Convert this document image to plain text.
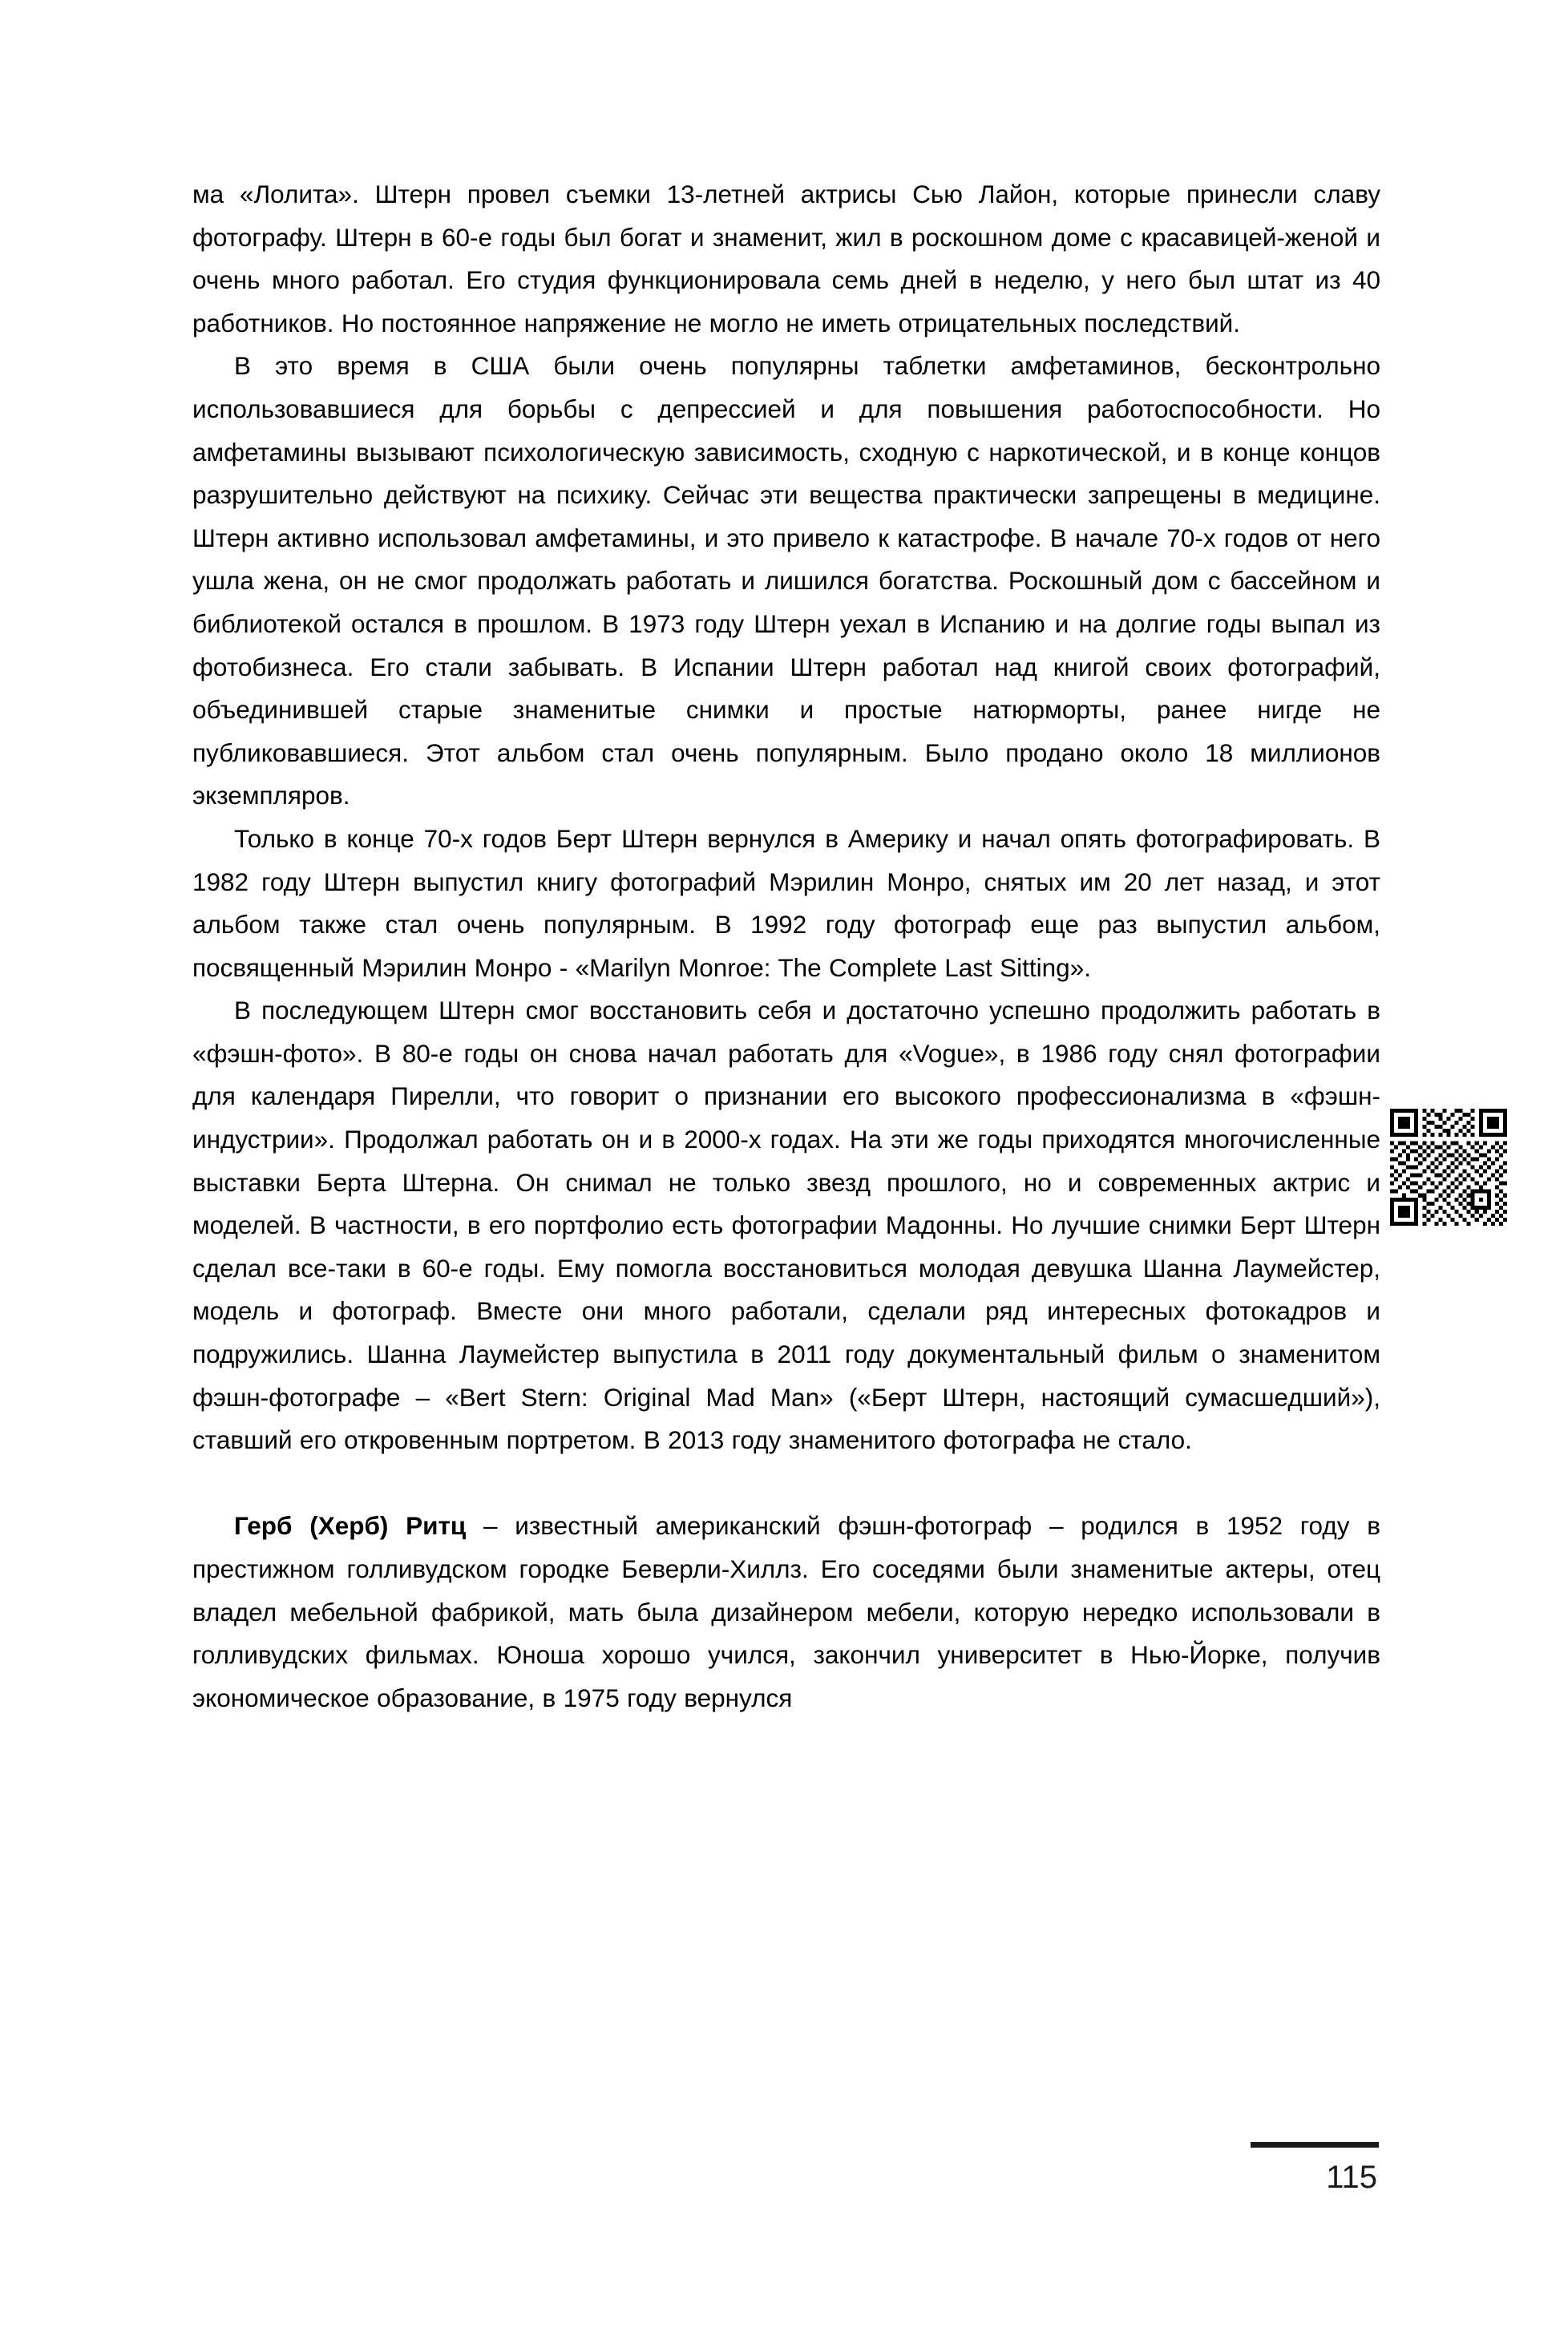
ма «Лолита». Штерн провел съемки 13-летней актрисы Сью Лайон, которые принесли славу фотографу. Штерн в 60-е годы был богат и знаменит, жил в роскошном доме с красавицей-женой и очень много работал. Его студия функционировала семь дней в неделю, у него был штат из 40 работников. Но постоянное напряжение не могло не иметь отрицательных последствий.

В это время в США были очень популярны таблетки амфетаминов, бесконтрольно использовавшиеся для борьбы с депрессией и для повышения работоспособности. Но амфетамины вызывают психологическую зависимость, сходную с наркотической, и в конце концов разрушительно действуют на психику. Сейчас эти вещества практически запрещены в медицине. Штерн активно использовал амфетамины, и это привело к катастрофе. В начале 70-х годов от него ушла жена, он не смог продолжать работать и лишился богатства. Роскошный дом с бассейном и библиотекой остался в прошлом. В 1973 году Штерн уехал в Испанию и на долгие годы выпал из фотобизнеса. Его стали забывать. В Испании Штерн работал над книгой своих фотографий, объединившей старые знаменитые снимки и простые натюрморты, ранее нигде не публиковавшиеся. Этот альбом стал очень популярным. Было продано около 18 миллионов экземпляров.

Только в конце 70-х годов Берт Штерн вернулся в Америку и начал опять фотографировать. В 1982 году Штерн выпустил книгу фотографий Мэрилин Монро, снятых им 20 лет назад, и этот альбом также стал очень популярным. В 1992 году фотограф еще раз выпустил альбом, посвященный Мэрилин Монро - «Marilyn Monroe: The Complete Last Sitting».

В последующем Штерн смог восстановить себя и достаточно успешно продолжить работать в «фэшн-фото». В 80-е годы он снова начал работать для «Vogue», в 1986 году снял фотографии для календаря Пирелли, что говорит о признании его высокого профессионализма в «фэшн-индустрии». Продолжал работать он и в 2000-х годах. На эти же годы приходятся многочисленные выставки Берта Штерна. Он снимал не только звезд прошлого, но и современных актрис и моделей. В частности, в его портфолио есть фотографии Мадонны. Но лучшие снимки Берт Штерн сделал все-таки в 60-е годы. Ему помогла восстановиться молодая девушка Шанна Лаумейстер, модель и фотограф. Вместе они много работали, сделали ряд интересных фотокадров и подружились. Шанна Лаумейстер выпустила в 2011 году документальный фильм о знаменитом фэшн-фотографе – «Bert Stern: Original Mad Man» («Берт Штерн, настоящий сумасшедший»), ставший его откровенным портретом. В 2013 году знаменитого фотографа не стало.

Герб (Херб) Ритц – известный американский фэшн-фотограф – родился в 1952 году в престижном голливудском городке Беверли-Хиллз. Его соседями были знаменитые актеры, отец владел мебельной фабрикой, мать была дизайнером мебели, которую нередко использовали в голливудских фильмах. Юноша хорошо учился, закончил университет в Нью-Йорке, получив экономическое образование, в 1975 году вернулся

115
